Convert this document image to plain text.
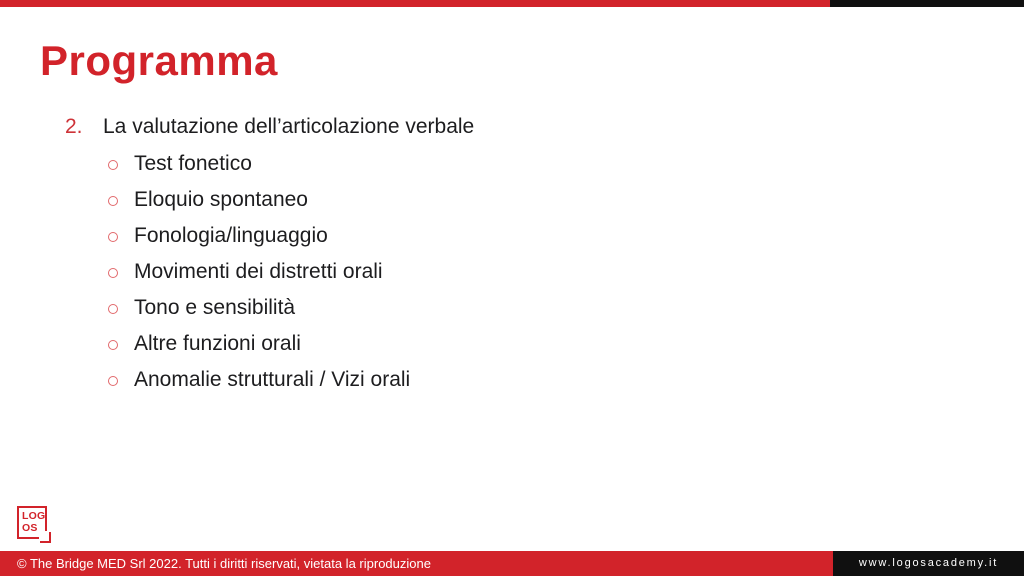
Programma
2. La valutazione dell’articolazione verbale
Test fonetico
Eloquio spontaneo
Fonologia/linguaggio
Movimenti dei distretti orali
Tono e sensibilità
Altre funzioni orali
Anomalie strutturali / Vizi orali
LOG
OS
© The Bridge MED Srl 2022. Tutti i diritti riservati, vietata la riproduzione	www.logosacademy.it
